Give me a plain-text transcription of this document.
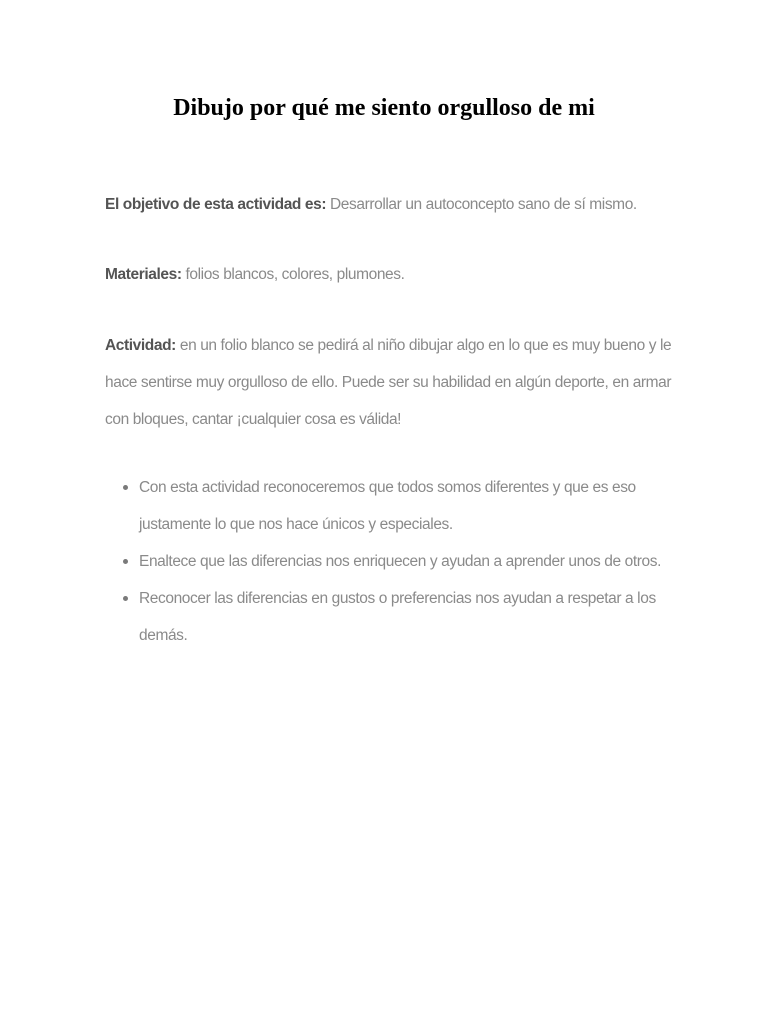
Dibujo por qué me siento orgulloso de mi

El objetivo de esta actividad es: Desarrollar un autoconcepto sano de sí mismo.

Materiales: folios blancos, colores, plumones.

Actividad: en un folio blanco se pedirá al niño dibujar algo en lo que es muy bueno y le hace sentirse muy orgulloso de ello. Puede ser su habilidad en algún deporte, en armar con bloques, cantar ¡cualquier cosa es válida!

Con esta actividad reconoceremos que todos somos diferentes y que es eso justamente lo que nos hace únicos y especiales.
Enaltece que las diferencias nos enriquecen y ayudan a aprender unos de otros.
Reconocer las diferencias en gustos o preferencias nos ayudan a respetar a los demás.
